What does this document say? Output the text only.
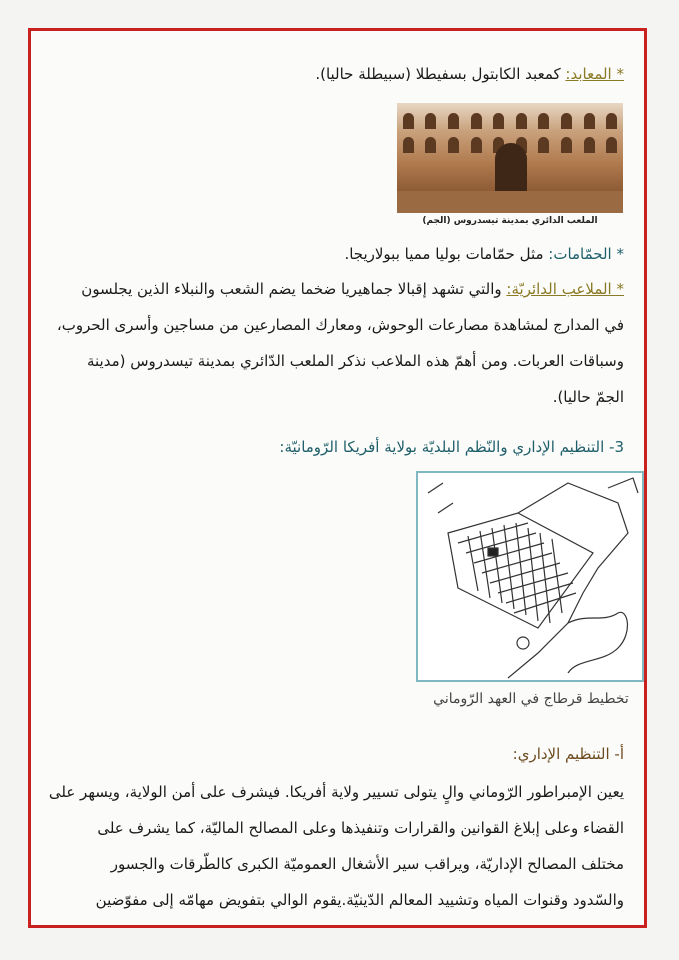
* المعابد: كمعبد الكابتول بسفيطلا (سبيطلة حاليا).
الملعب الدائري بمدينة تيسدروس (الجم)
* الحمّامات: مثل حمّامات بوليا مميا ببولاريجا.
* الملاعب الدائريّة: والتي تشهد إقبالا جماهيريا ضخما يضم الشعب والنبلاء الذين يجلسون
في المدارج لمشاهدة مصارعات الوحوش، ومعارك المصارعين من مساجين وأسرى الحروب،
وسباقات العربات. ومن أهمّ هذه الملاعب نذكر الملعب الدّائري بمدينة تيسدروس (مدينة
الجمّ حاليا).
3- التنظيم الإداري والنّظم البلديّة بولاية أفريكا الرّومانيّة:
تخطيط قرطاج في العهد الرّوماني
أ- التنظيم الإداري:
يعين الإمبراطور الرّوماني والٍ يتولى تسيير ولاية أفريكا. فيشرف على أمن الولاية، ويسهر على
القضاء وعلى إبلاغ القوانين والقرارات وتنفيذها وعلى المصالح الماليّة، كما يشرف على
مختلف المصالح الإداريّة، ويراقب سير الأشغال العموميّة الكبرى كالطّرقات والجسور
والسّدود وقنوات المياه وتشييد المعالم الدّينيّة.يقوم الوالي بتفويض مهامّه إلى مفوّضين
